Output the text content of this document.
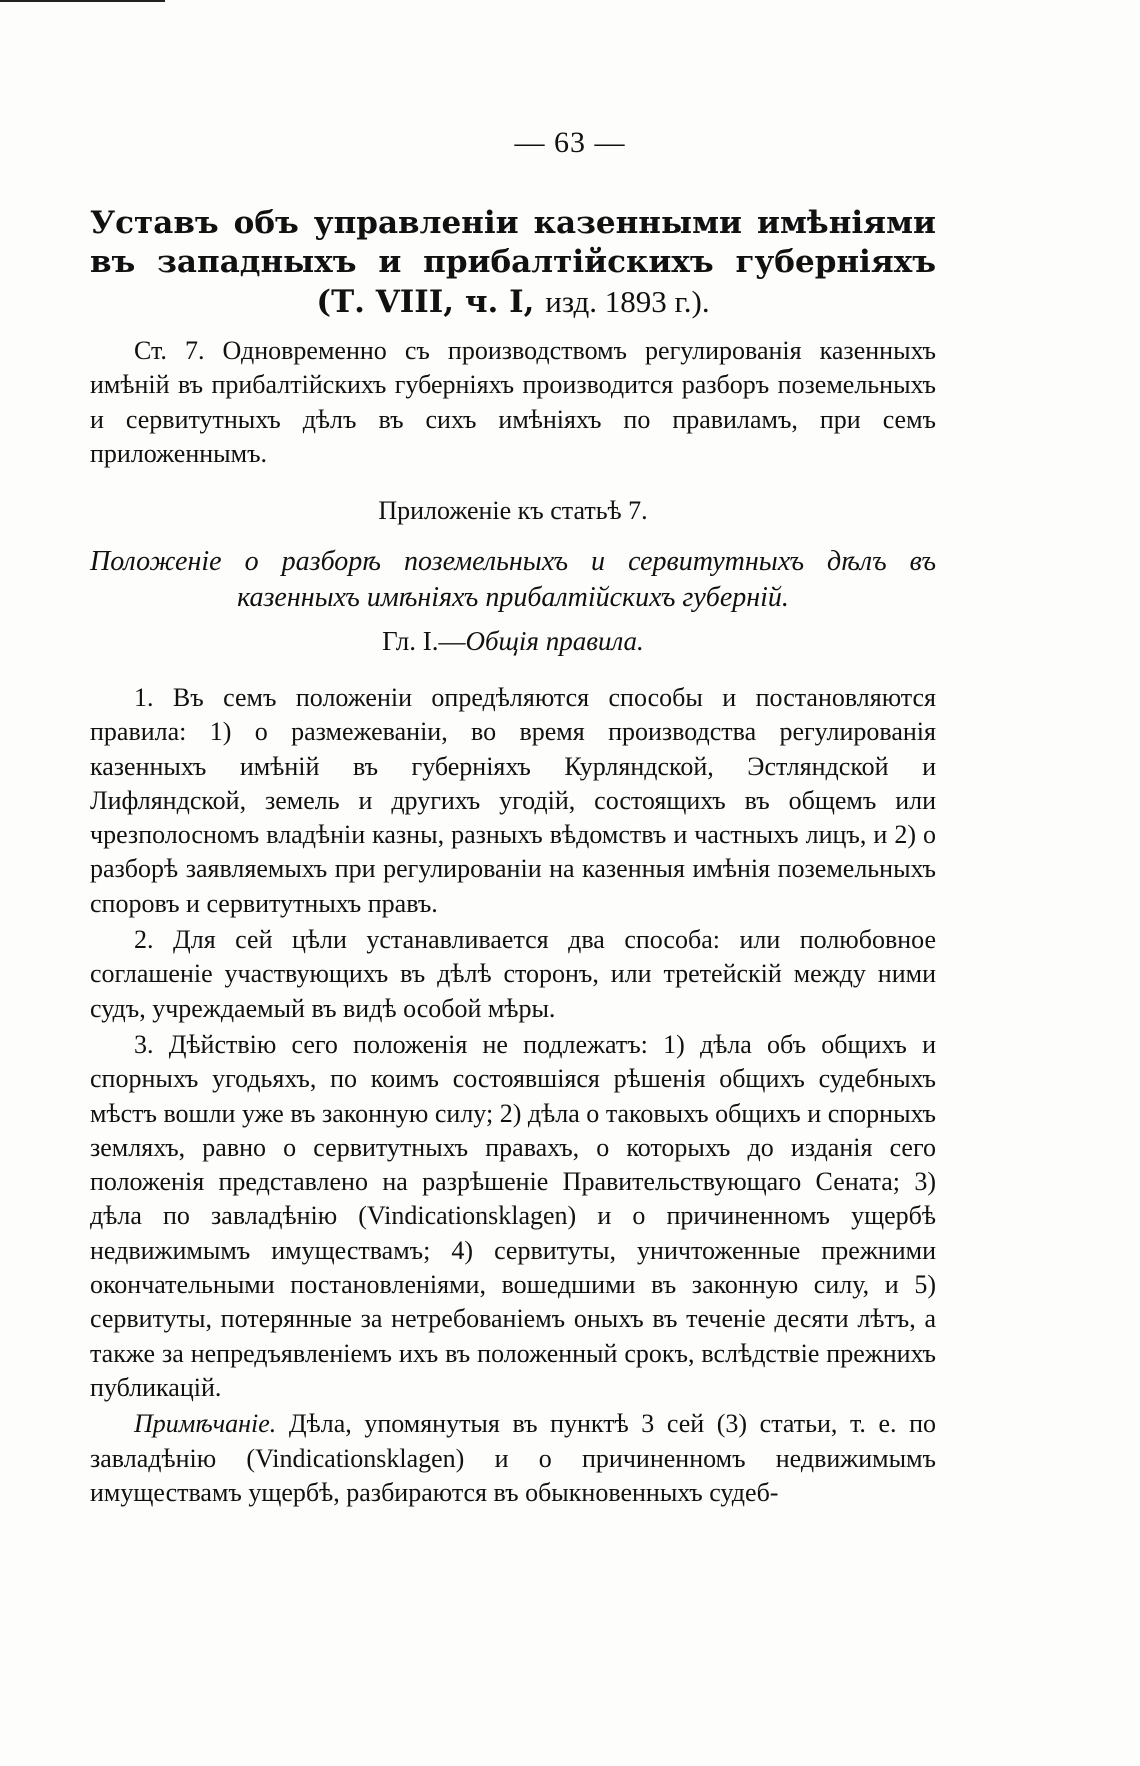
— 63 —
Уставъ объ управленіи казенными имѣніями въ западныхъ и прибалтійскихъ губерніяхъ (Т. VIII, ч. I, изд. 1893 г.).

Ст. 7. Одновременно съ производствомъ регулированія казенныхъ имѣній въ прибалтійскихъ губерніяхъ производится разборъ поземельныхъ и сервитутныхъ дѣлъ въ сихъ имѣніяхъ по правиламъ, при семъ приложеннымъ.

Приложеніе къ статьѣ 7.
Положеніе о разборѣ поземельныхъ и сервитутныхъ дѣлъ въ казенныхъ имѣніяхъ прибалтійскихъ губерній.
Гл. I.—Общія правила.

1. Въ семъ положеніи опредѣляются способы и постановляются правила: 1) о размежеваніи, во время производства регулированія казенныхъ имѣній въ губерніяхъ Курляндской, Эстляндской и Лифляндской, земель и другихъ угодій, состоящихъ въ общемъ или чрезполосномъ владѣніи казны, разныхъ вѣдомствъ и частныхъ лицъ, и 2) о разборѣ заявляемыхъ при регулированіи на казенныя имѣнія поземельныхъ споровъ и сервитутныхъ правъ.

2. Для сей цѣли устанавливается два способа: или полюбовное соглашеніе участвующихъ въ дѣлѣ сторонъ, или третейскій между ними судъ, учреждаемый въ видѣ особой мѣры.

3. Дѣйствію сего положенія не подлежатъ: 1) дѣла объ общихъ и спорныхъ угодьяхъ, по коимъ состоявшіяся рѣшенія общихъ судебныхъ мѣстъ вошли уже въ законную силу; 2) дѣла о таковыхъ общихъ и спорныхъ земляхъ, равно о сервитутныхъ правахъ, о которыхъ до изданія сего положенія представлено на разрѣшеніе Правительствующаго Сената; 3) дѣла по завладѣнію (Vindicationsklagen) и о причиненномъ ущербѣ недвижимымъ имуществамъ; 4) сервитуты, уничтоженные прежними окончательными постановленіями, вошедшими въ законную силу, и 5) сервитуты, потерянные за нетребованіемъ оныхъ въ теченіе десяти лѣтъ, а также за непредъявленіемъ ихъ въ положенный срокъ, вслѣдствіе прежнихъ публикацій.

Примѣчаніе. Дѣла, упомянутыя въ пунктѣ 3 сей (3) статьи, т. е. по завладѣнію (Vindicationsklagen) и о причиненномъ недвижимымъ имуществамъ ущербѣ, разбираются въ обыкновенныхъ судеб-
